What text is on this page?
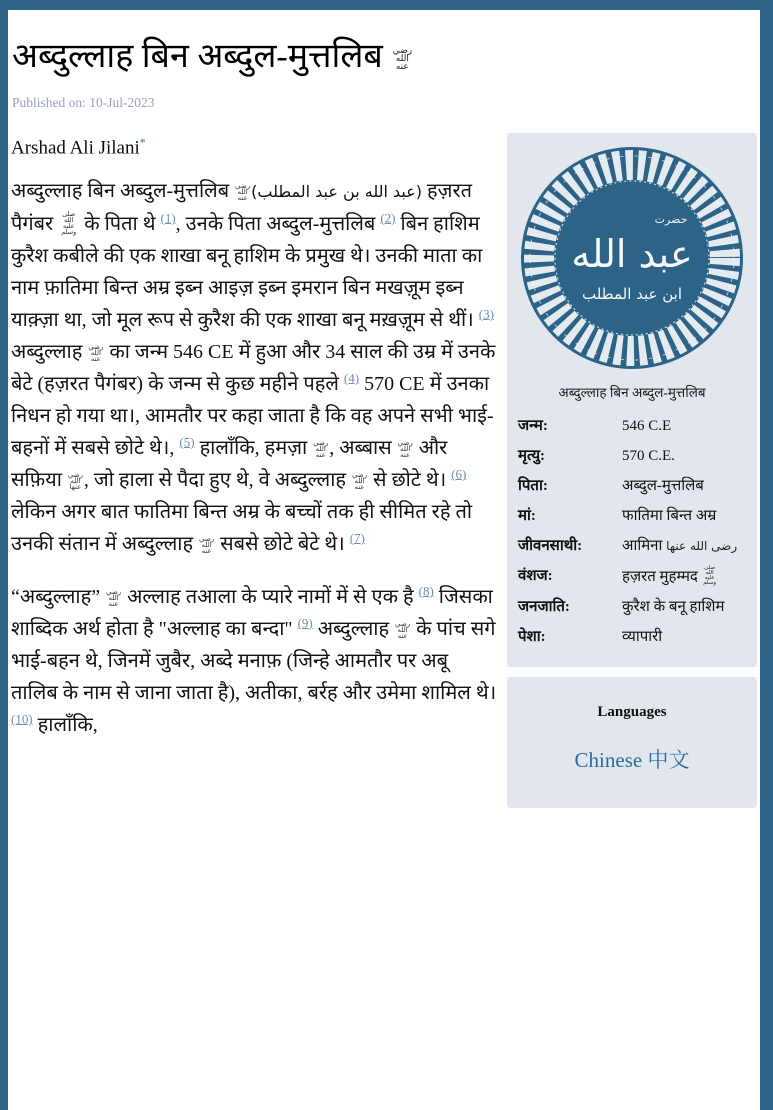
अब्दुल्लाह बिन अब्दुल-मुत्तलिब رضي الله عنه
Published on: 10-Jul-2023
Arshad Ali Jilani*

अब्दुल्लाह बिन अब्दुल-मुत्तलिब رضي الله عنه (عبد الله بن عبد المطلب) हज़रत पैगंबर صلى الله عليه وسلم के पिता थे $^{(1)}$, उनके पिता अब्दुल-मुत्तलिब $^{(2)}$ बिन हाशिम कुरैश कबीले की एक शाखा बनू हाशिम के प्रमुख थे। उनकी माता का नाम फ़ातिमा बिन्त अम्र इब्न आइज़ इब्न इमरान बिन मखज़ूम इब्न याक़्ज़ा था, जो मूल रूप से कुरैश की एक शाखा बनू मख़ज़ूम से थीं। $^{(3)}$ अब्दुल्लाह رضي الله عنه का जन्म 546 CE में हुआ और 34 साल की उम्र में उनके बेटे (हज़रत पैगंबर) के जन्म से कुछ महीने पहले $^{(4)}$ 570 CE में उनका निधन हो गया था।, आमतौर पर कहा जाता है कि वह अपने सभी भाई-बहनों में सबसे छोटे थे।, $^{(5)}$ हालाँकि, हमज़ा رضي الله عنه , अब्बास رضي الله عنه और सफ़िया رضي الله عنها , जो हाला से पैदा हुए थे, वे अब्दुल्लाह رضي الله عنه से छोटे थे। $^{(6)}$ लेकिन अगर बात फातिमा बिन्त अम्र के बच्चों तक ही सीमित रहे तो उनकी संतान में अब्दुल्लाह رضي الله عنه सबसे छोटे बेटे थे। $^{(7)}$

“अब्दुल्लाह” رضي الله عنه अल्लाह तआला के प्यारे नामों में से एक है $^{(8)}$ जिसका शाब्दिक अर्थ होता है "अल्लाह का बन्दा" $^{(9)}$ अब्दुल्लाह رضي الله عنه के पांच सगे भाई-बहन थे, जिनमें जुबैर, अब्दे मनाफ़ (जिन्हे आमतौर पर अबू तालिब के नाम से जाना जाता है), अतीका, बर्रह और उमेमा शामिल थे। $^{(10)}$ हालाँकि,

حضرت
عبد الله
ابن عبد المطلب
अब्दुल्लाह बिन अब्दुल-मुत्तलिब
जन्म:	546 C.E
मृत्यु:	570 C.E.
पिता:	अब्दुल-मुत्तलिब
मां:	फातिमा बिन्त अम्र
जीवनसाथी:	आमिना رضى الله عنها
वंशज:	हज़रत मुहम्मद صلى الله عليه وسلم
जनजाति:	कुरैश के बनू हाशिम
पेशा:	व्यापारी
Languages
Chinese 中文
